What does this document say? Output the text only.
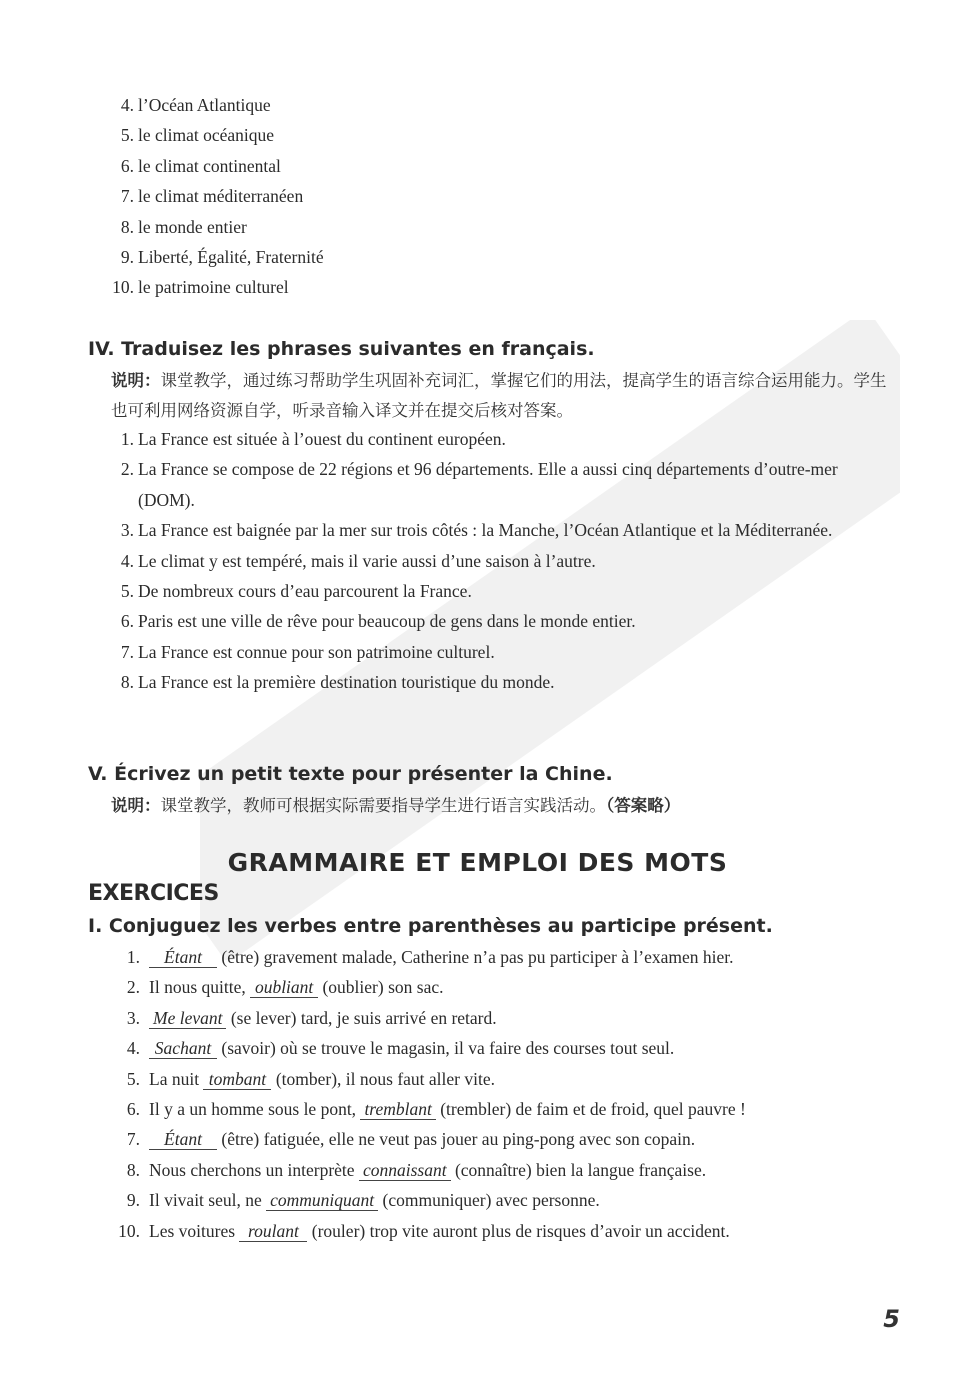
4. l’Océan Atlantique
5. le climat océanique
6. le climat continental
7. le climat méditerranéen
8. le monde entier
9. Liberté, Égalité, Fraternité
10. le patrimoine culturel
IV. Traduisez les phrases suivantes en français.

说明：课堂教学，通过练习帮助学生巩固补充词汇，掌握它们的用法，提高学生的语言综合运用能力。学生也可利用网络资源自学，听录音输入译文并在提交后核对答案。

1. La France est située à l’ouest du continent européen.
2. La France se compose de 22 régions et 96 départements. Elle a aussi cinq départements d’outre-mer (DOM).
3. La France est baignée par la mer sur trois côtés : la Manche, l’Océan Atlantique et la Méditerranée.
4. Le climat y est tempéré, mais il varie aussi d’une saison à l’autre.
5. De nombreux cours d’eau parcourent la France.
6. Paris est une ville de rêve pour beaucoup de gens dans le monde entier.
7. La France est connue pour son patrimoine culturel.
8. La France est la première destination touristique du monde.
V. Écrivez un petit texte pour présenter la Chine.

说明：课堂教学，教师可根据实际需要指导学生进行语言实践活动。（答案略）

GRAMMAIRE ET EMPLOI DES MOTS
EXERCICES
I. Conjuguez les verbes entre parenthèses au participe présent.
1. Étant (être) gravement malade, Catherine n’a pas pu participer à l’examen hier.
2. Il nous quitte, oubliant (oublier) son sac.
3. Me levant (se lever) tard, je suis arrivé en retard.
4. Sachant (savoir) où se trouve le magasin, il va faire des courses tout seul.
5. La nuit tombant (tomber), il nous faut aller vite.
6. Il y a un homme sous le pont, tremblant (trembler) de faim et de froid, quel pauvre !
7. Étant (être) fatiguée, elle ne veut pas jouer au ping-pong avec son copain.
8. Nous cherchons un interprète connaissant (connaître) bien la langue française.
9. Il vivait seul, ne communiquant (communiquer) avec personne.
10. Les voitures roulant (rouler) trop vite auront plus de risques d’avoir un accident.
5
